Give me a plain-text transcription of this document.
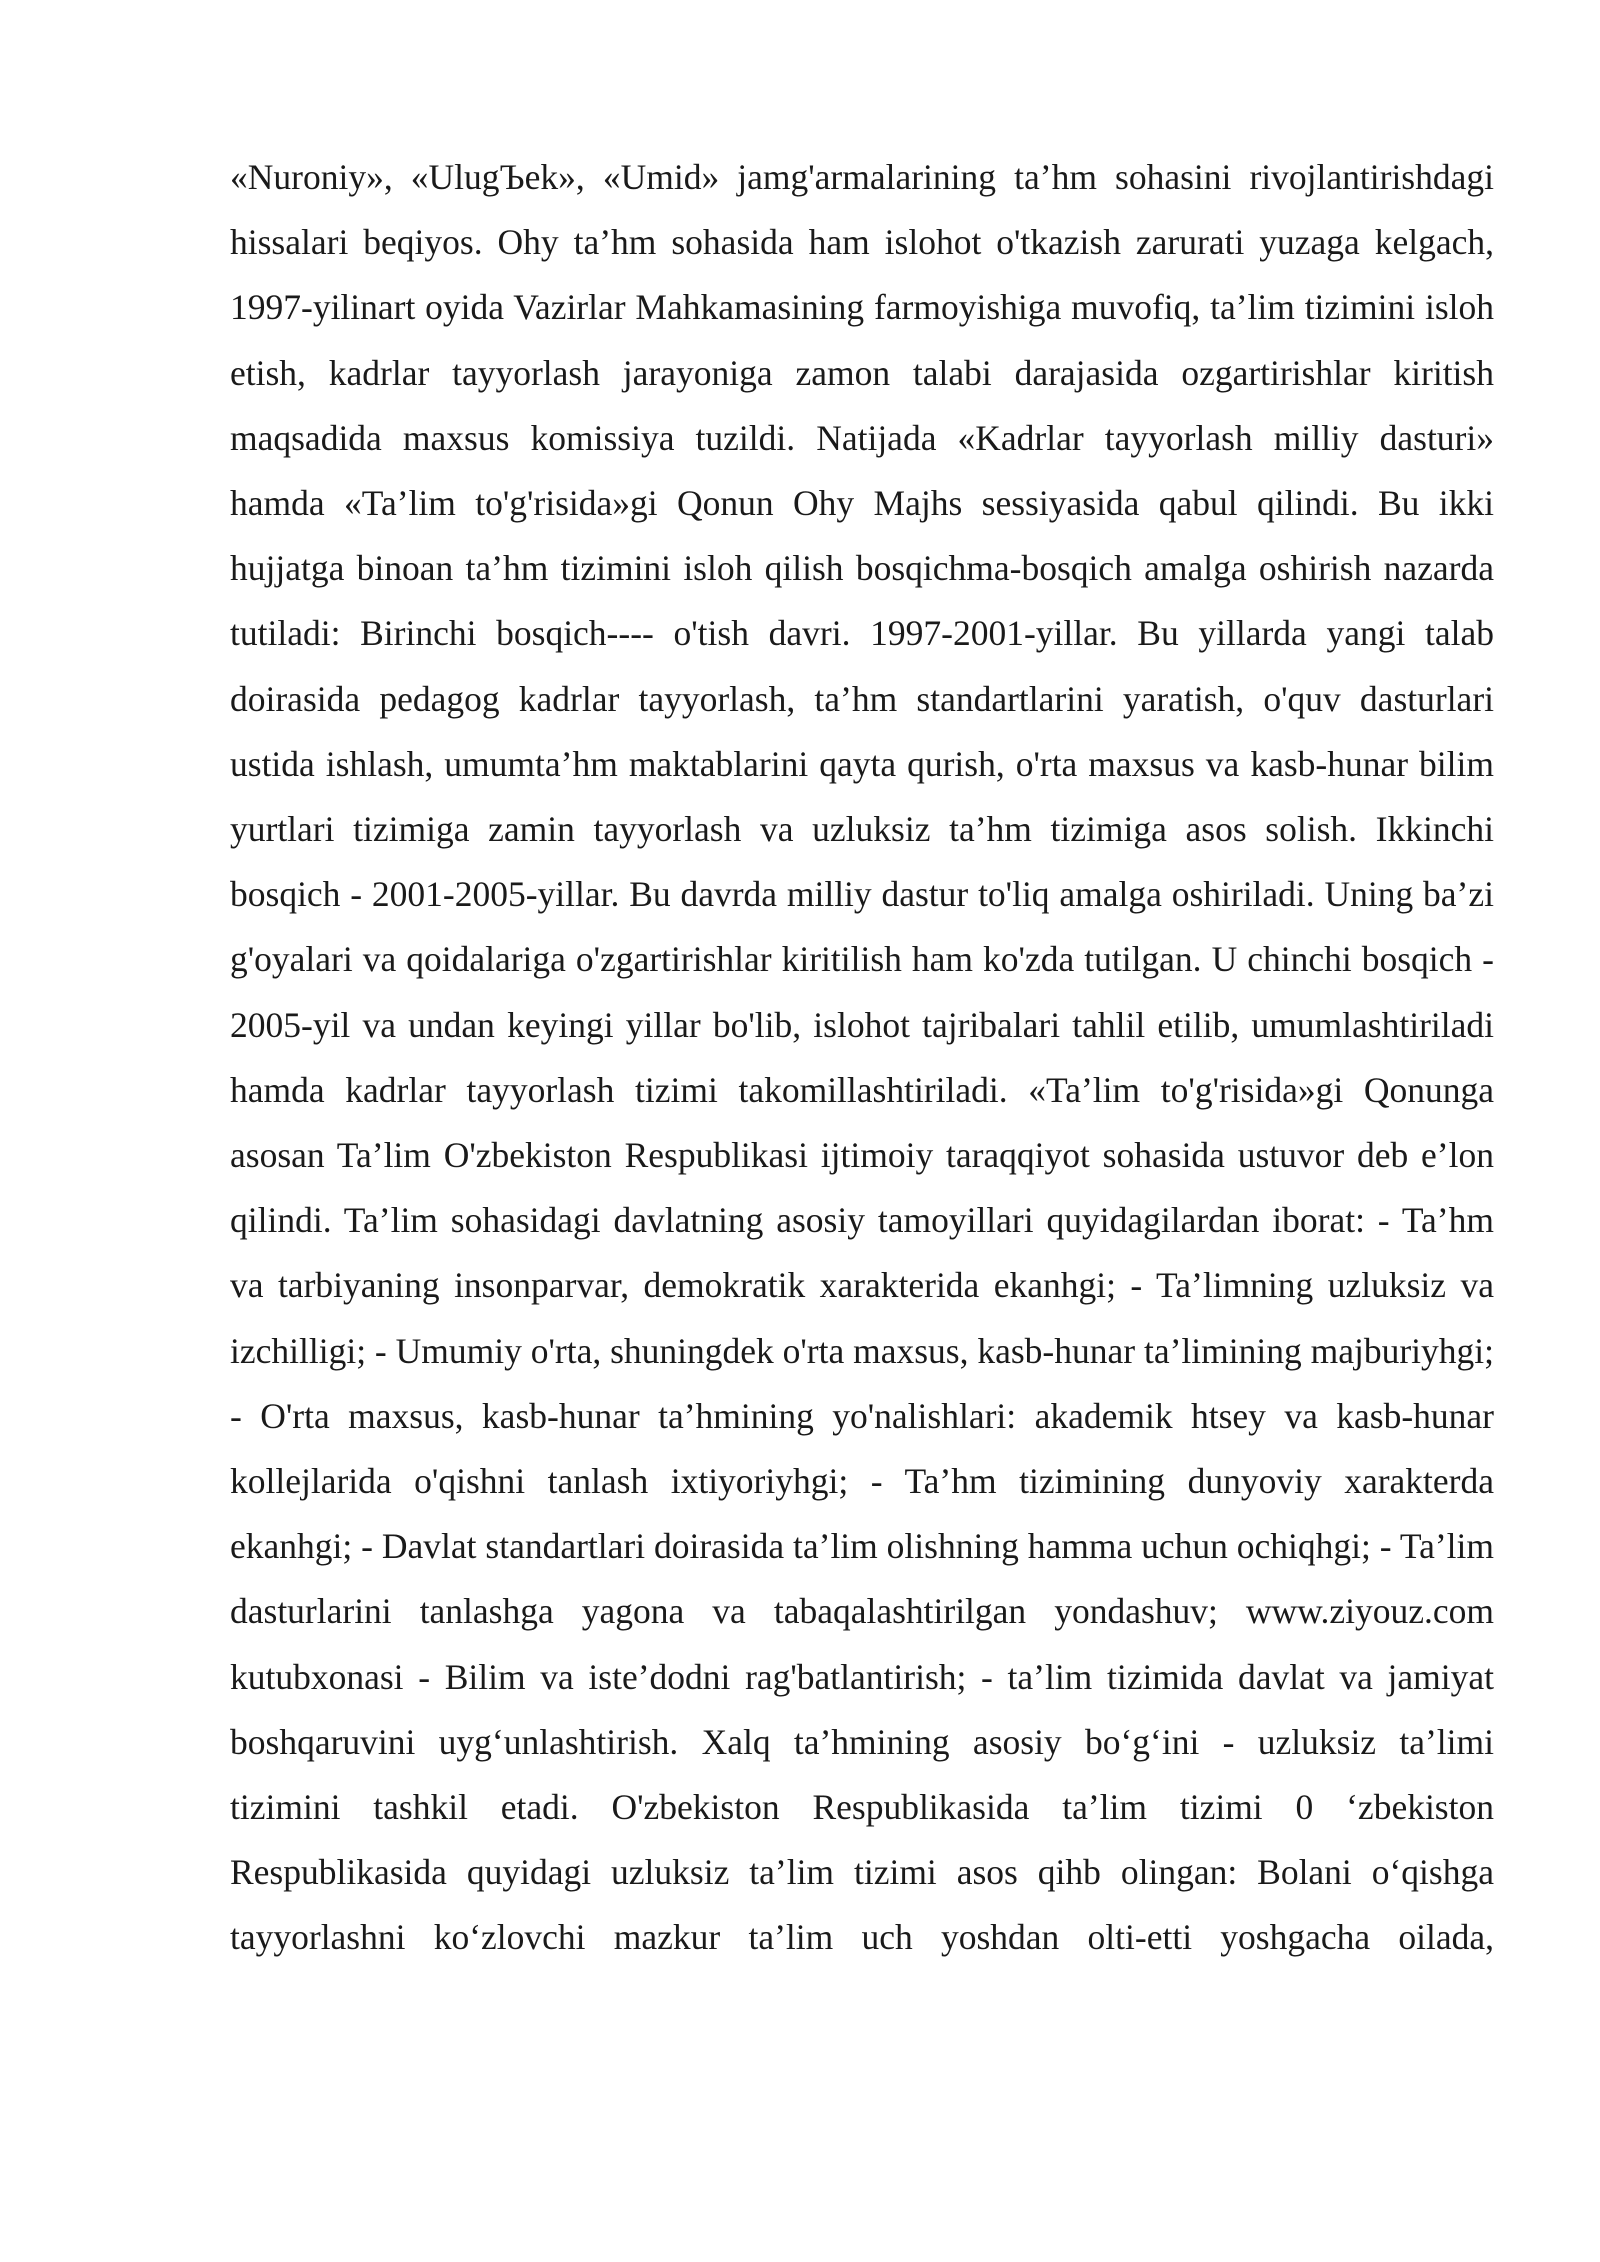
«Nuroniy», «UlugЪek», «Umid» jamg'armalarining ta’hm sohasini rivojlantirishdagi hissalari beqiyos. Ohy ta’hm sohasida ham islohot o'tkazish zarurati yuzaga kelgach, 1997-yilinart oyida Vazirlar Mahkamasining farmoyishiga muvofiq, ta’lim tizimini isloh etish, kadrlar tayyorlash jarayoniga zamon talabi darajasida ozgartirishlar kiritish maqsadida maxsus komissiya tuzildi. Natijada «Kadrlar tayyorlash milliy dasturi» hamda «Ta’lim to'g'risida»gi Qonun Ohy Majhs sessiyasida qabul qilindi. Bu ikki hujjatga binoan ta’hm tizimini isloh qilish bosqichma-bosqich amalga oshirish nazarda tutiladi: Birinchi bosqich---- o'tish davri. 1997-2001-yillar. Bu yillarda yangi talab doirasida pedagog kadrlar tayyorlash, ta’hm standartlarini yaratish, o'quv dasturlari ustida ishlash, umumta’hm maktablarini qayta qurish, o'rta maxsus va kasb-hunar bilim yurtlari tizimiga zamin tayyorlash va uzluksiz ta’hm tizimiga asos solish. Ikkinchi bosqich - 2001-2005-yillar. Bu davrda milliy dastur to'liq amalga oshiriladi. Uning ba’zi g'oyalari va qoidalariga o'zgartirishlar kiritilish ham ko'zda tutilgan. U chinchi bosqich - 2005-yil va undan keyingi yillar bo'lib, islohot tajribalari tahlil etilib, umumlashtiriladi hamda kadrlar tayyorlash tizimi takomillashtiriladi. «Ta’lim to'g'risida»gi Qonunga asosan Ta’lim O'zbekiston Respublikasi ijtimoiy taraqqiyot sohasida ustuvor deb e’lon qilindi. Ta’lim sohasidagi davlatning asosiy tamoyillari quyidagilardan iborat: - Ta’hm va tarbiyaning insonparvar, demokratik xarakterida ekanhgi; - Ta’limning uzluksiz va izchilligi; - Umumiy o'rta, shuningdek o'rta maxsus, kasb-hunar ta’limining majburiyhgi; - O'rta maxsus, kasb-hunar ta’hmining yo'nalishlari: akademik htsey va kasb-hunar kollejlarida o'qishni tanlash ixtiyoriyhgi; - Ta’hm tizimining dunyoviy xarakterda ekanhgi; - Davlat standartlari doirasida ta’lim olishning hamma uchun ochiqhgi; - Ta’lim dasturlarini tanlashga yagona va tabaqalashtirilgan yondashuv; www.ziyouz.com kutubxonasi - Bilim va iste’dodni rag'batlantirish; - ta’lim tizimida davlat va jamiyat boshqaruvini uyg‘unlashtirish. Xalq ta’hmining asosiy bo‘g‘ini - uzluksiz ta’limi tizimini tashkil etadi. O'zbekiston Respublikasida ta’lim tizimi 0 ‘zbekiston Respublikasida quyidagi uzluksiz ta’lim tizimi asos qihb olingan: Bolani o‘qishga tayyorlashni ko‘zlovchi mazkur ta’lim uch yoshdan olti-etti yoshgacha oilada,
